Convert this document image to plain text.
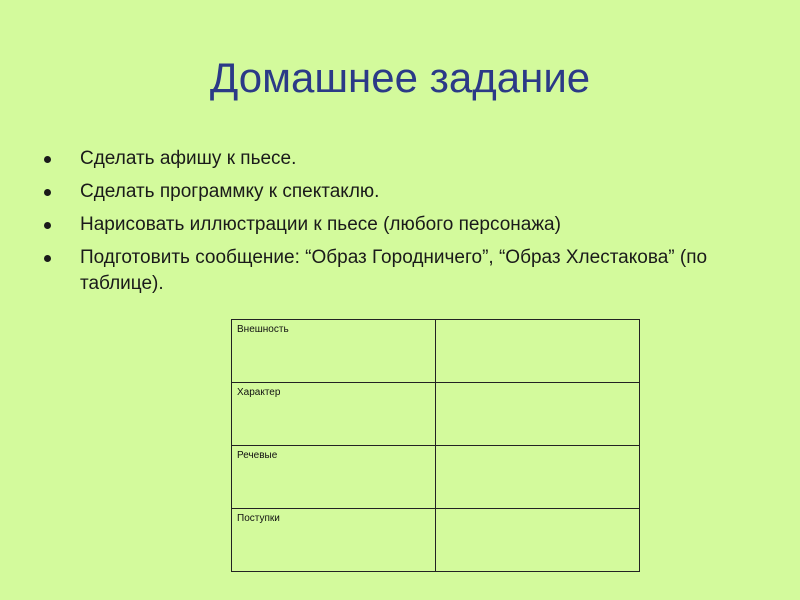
Домашнее задание
Сделать афишу к пьесе.
Сделать программку к спектаклю.
Нарисовать иллюстрации к пьесе (любого персонажа)
Подготовить сообщение: “Образ Городничего”, “Образ Хлестакова” (по таблице).
Внешность	
Характер	
Речевые	
Поступки	
